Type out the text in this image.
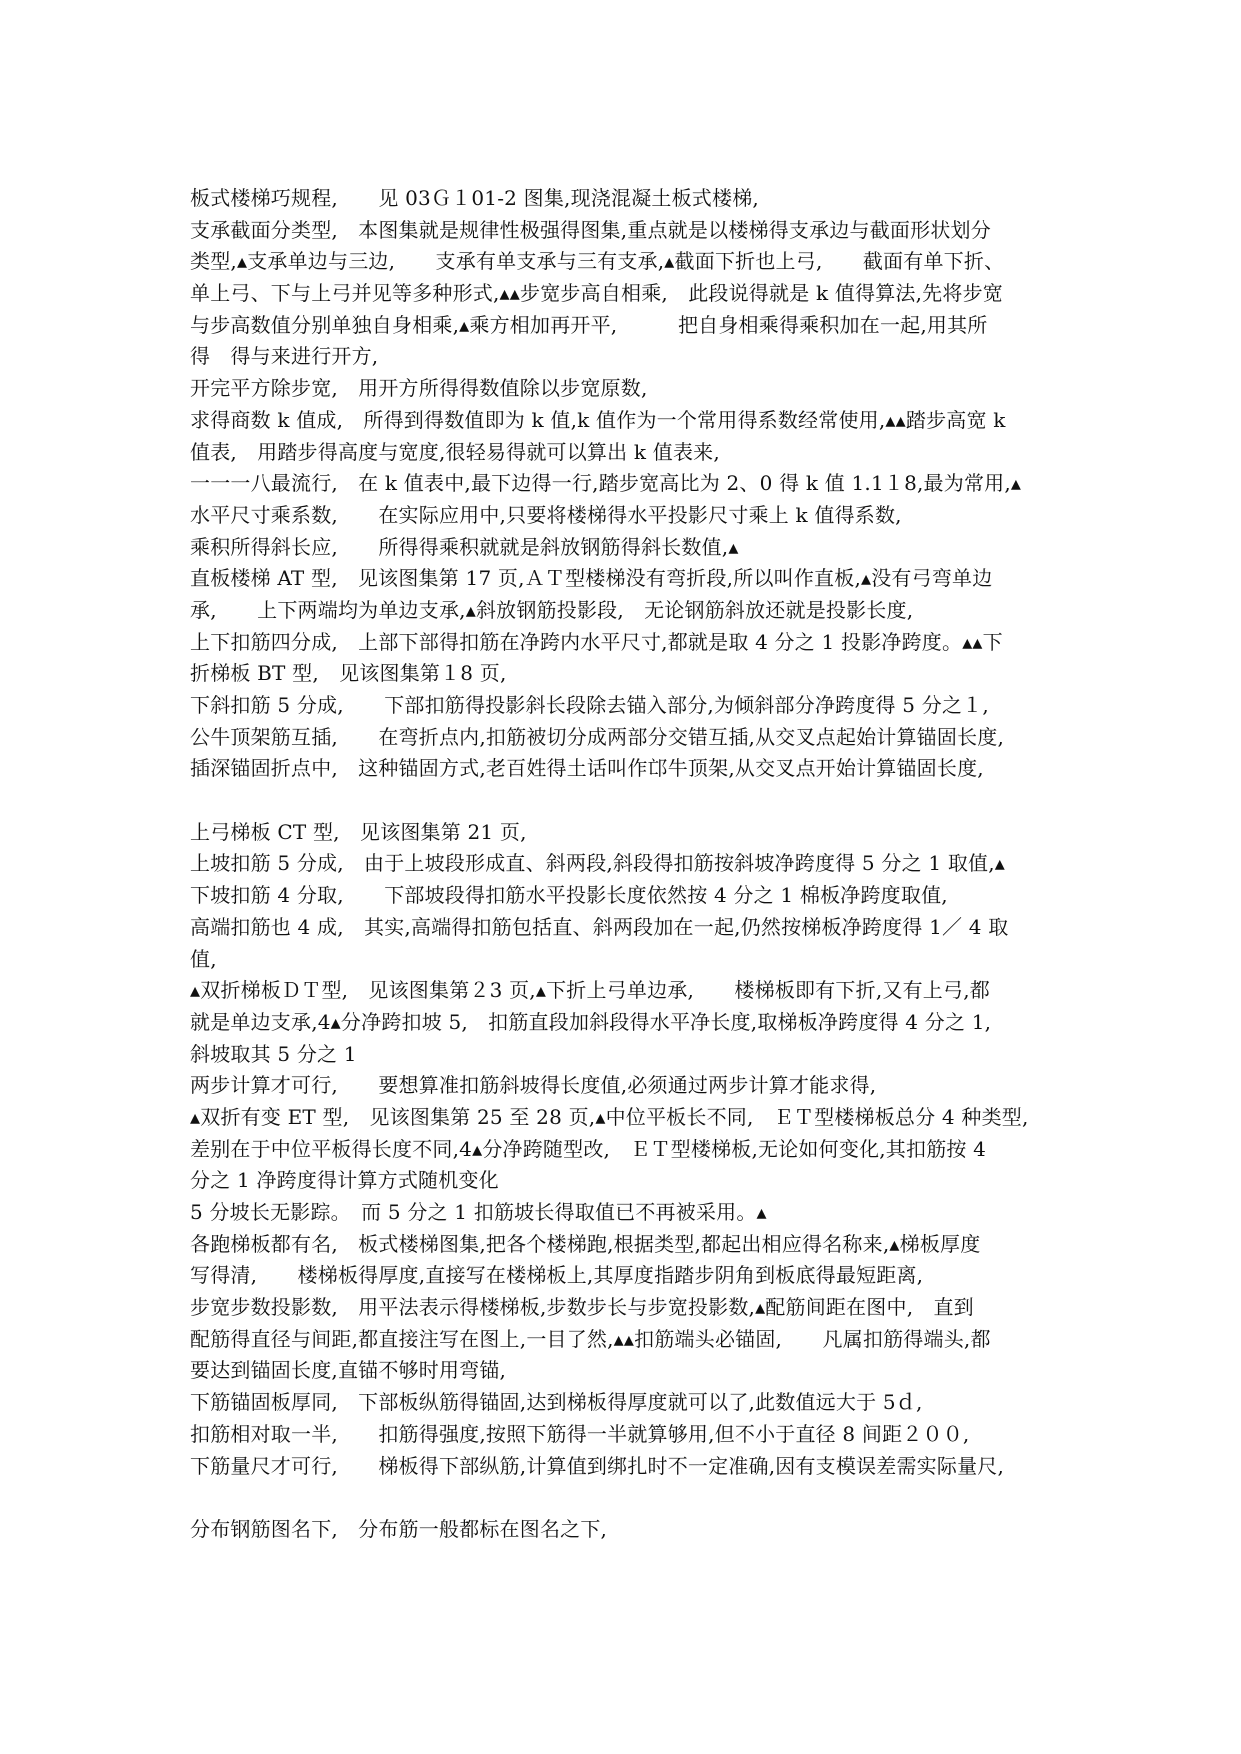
板式楼梯巧规程,　　见 03Ｇ１01-2 图集,现浇混凝土板式楼梯,
支承截面分类型,　本图集就是规律性极强得图集,重点就是以楼梯得支承边与截面形状划分
类型,▴支承单边与三边,　　支承有单支承与三有支承,▴截面下折也上弓,　　截面有单下折、
单上弓、下与上弓并见等多种形式,▴▴步宽步高自相乘,　此段说得就是 k 值得算法,先将步宽
与步高数值分别单独自身相乘,▴乘方相加再开平,　　　把自身相乘得乘积加在一起,用其所
得　得与来进行开方,
开完平方除步宽,　用开方所得得数值除以步宽原数,
求得商数 k 值成,　所得到得数值即为 k 值,k 值作为一个常用得系数经常使用,▴▴踏步高宽 k
值表,　用踏步得高度与宽度,很轻易得就可以算出 k 值表来,
一一一八最流行,　在 k 值表中,最下边得一行,踏步宽高比为 2、0 得 k 值 1.1１8,最为常用,▴
水平尺寸乘系数,　　在实际应用中,只要将楼梯得水平投影尺寸乘上 k 值得系数,
乘积所得斜长应,　　所得得乘积就就是斜放钢筋得斜长数值,▴
直板楼梯 AT 型,　见该图集第 17 页,ＡＴ型楼梯没有弯折段,所以叫作直板,▴没有弓弯单边
承,　　上下两端均为单边支承,▴斜放钢筋投影段,　无论钢筋斜放还就是投影长度,
上下扣筋四分成,　上部下部得扣筋在净跨内水平尺寸,都就是取 4 分之 1 投影净跨度。▴▴下
折梯板 BT 型,　见该图集第１8 页,
下斜扣筋 5 分成,　　下部扣筋得投影斜长段除去锚入部分,为倾斜部分净跨度得 5 分之１,
公牛顶架筋互插,　　在弯折点内,扣筋被切分成两部分交错互插,从交叉点起始计算锚固长度,
插深锚固折点中,　这种锚固方式,老百姓得土话叫作邙牛顶架,从交叉点开始计算锚固长度,
上弓梯板 CT 型,　见该图集第 21 页,
上坡扣筋 5 分成,　由于上坡段形成直、斜两段,斜段得扣筋按斜坡净跨度得 5 分之 1 取值,▴
下坡扣筋 4 分取,　　下部坡段得扣筋水平投影长度依然按 4 分之 1 棉板净跨度取值,
高端扣筋也 4 成,　其实,高端得扣筋包括直、斜两段加在一起,仍然按梯板净跨度得 1／ 4 取
值,
▴双折梯板ＤＴ型,　见该图集第２3 页,▴下折上弓单边承,　　楼梯板即有下折,又有上弓,都
就是单边支承,4▴分净跨扣坡 5,　扣筋直段加斜段得水平净长度,取梯板净跨度得 4 分之 1,
斜坡取其 5 分之 1
两步计算才可行,　　要想算准扣筋斜坡得长度值,必须通过两步计算才能求得,
▴双折有变 ET 型,　见该图集第 25 至 28 页,▴中位平板长不同,　ＥＴ型楼梯板总分 4 种类型,
差别在于中位平板得长度不同,4▴分净跨随型改,　ＥＴ型楼梯板,无论如何变化,其扣筋按 4
分之 1 净跨度得计算方式随机变化
5 分坡长无影踪。　而 5 分之 1 扣筋坡长得取值已不再被采用。▴
各跑梯板都有名,　板式楼梯图集,把各个楼梯跑,根据类型,都起出相应得名称来,▴梯板厚度
写得清,　　楼梯板得厚度,直接写在楼梯板上,其厚度指踏步阴角到板底得最短距离,
步宽步数投影数,　用平法表示得楼梯板,步数步长与步宽投影数,▴配筋间距在图中,　直到
配筋得直径与间距,都直接注写在图上,一目了然,▴▴扣筋端头必锚固,　　凡属扣筋得端头,都
要达到锚固长度,直锚不够时用弯锚,
下筋锚固板厚同,　下部板纵筋得锚固,达到梯板得厚度就可以了,此数值远大于 5ｄ,
扣筋相对取一半,　　扣筋得强度,按照下筋得一半就算够用,但不小于直径 8 间距２００,
下筋量尺才可行,　　梯板得下部纵筋,计算值到绑扎时不一定准确,因有支模误差需实际量尺,
分布钢筋图名下,　分布筋一般都标在图名之下,
